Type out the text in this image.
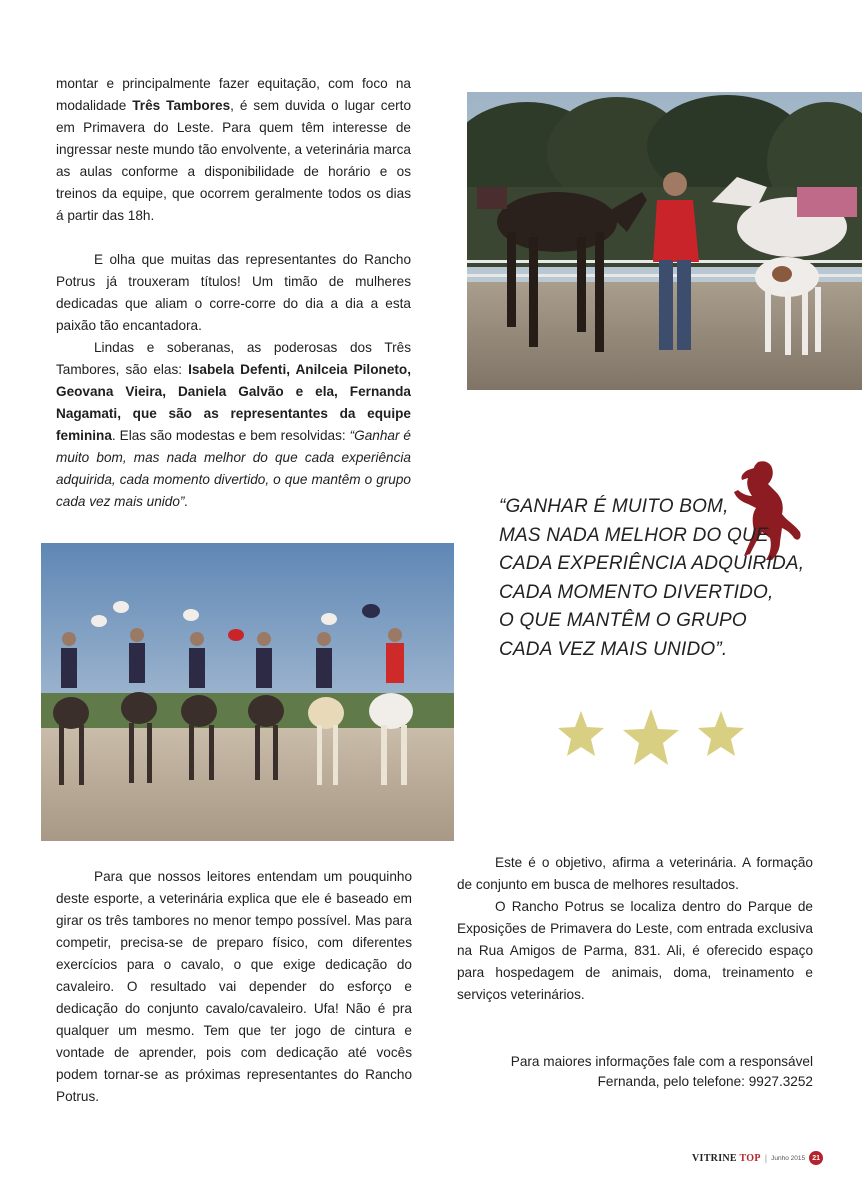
montar e principalmente fazer equitação, com foco na modalidade Três Tambores, é sem duvida o lugar certo em Primavera do Leste. Para quem têm interesse de ingressar neste mundo tão envolvente, a veterinária marca as aulas conforme a disponibilidade de horário e os treinos da equipe, que ocorrem geralmente todos os dias á partir das 18h.

E olha que muitas das representantes do Rancho Potrus já trouxeram títulos! Um timão de mulheres dedicadas que aliam o corre-corre do dia a dia a esta paixão tão encantadora.

Lindas e soberanas, as poderosas dos Três Tambores, são elas: Isabela Defenti, Anilceia Piloneto, Geovana Vieira, Daniela Galvão e ela, Fernanda Nagamati, que são as representantes da equipe feminina. Elas são modestas e bem resolvidas: “Ganhar é muito bom, mas nada melhor do que cada experiência adquirida, cada momento divertido, o que mantêm o grupo cada vez mais unido”.	“GANHAR É MUITO BOM,
MAS NADA MELHOR DO QUE
CADA EXPERIÊNCIA ADQUIRIDA,
CADA MOMENTO DIVERTIDO,
O QUE MANTÊM O GRUPO
CADA VEZ MAIS UNIDO”.

Para que nossos leitores entendam um pouquinho deste esporte, a veterinária explica que ele é baseado em girar os três tambores no menor tempo possível. Mas para competir, precisa-se de preparo físico, com diferentes exercícios para o cavalo, o que exige dedicação do cavaleiro. O resultado vai depender do esforço e dedicação do conjunto cavalo/cavaleiro. Ufa! Não é pra qualquer um mesmo. Tem que ter jogo de cintura e vontade de aprender, pois com dedicação até vocês podem tornar-se as próximas representantes do Rancho Potrus.

Este é o objetivo, afirma a veterinária. A formação de conjunto em busca de melhores resultados.

O Rancho Potrus se localiza dentro do Parque de Exposições de Primavera do Leste, com entrada exclusiva na Rua Amigos de Parma, 831. Ali, é oferecido espaço para hospedagem de animais, doma, treinamento e serviços veterinários.

Para maiores informações fale com a responsável
Fernanda, pelo telefone: 9927.3252
VITRINE TOP | Junho 2015	21
